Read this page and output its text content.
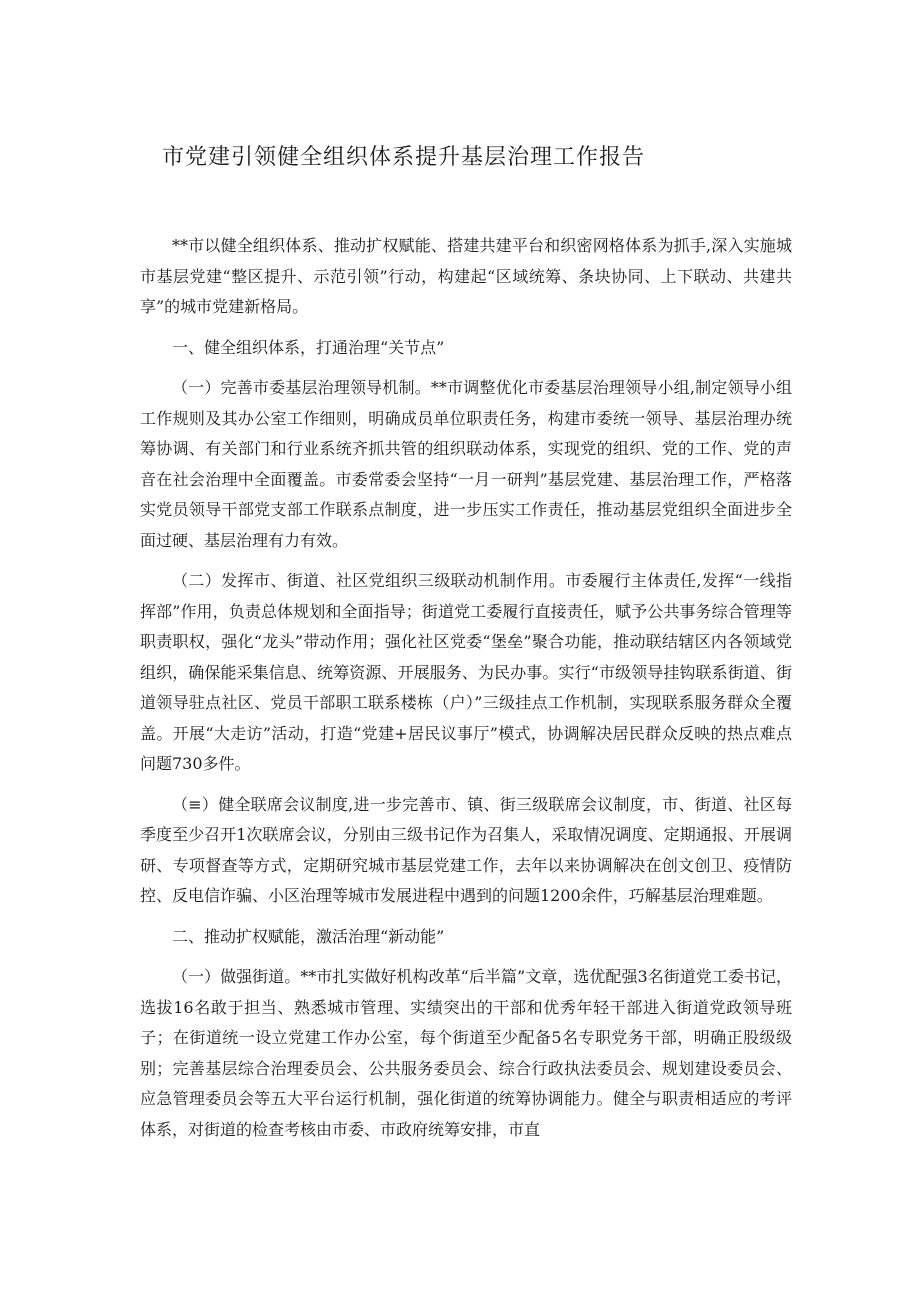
市党建引领健全组织体系提升基层治理工作报告

**市以健全组织体系、推动扩权赋能、搭建共建平台和织密网格体系为抓手,深入实施城市基层党建“整区提升、示范引领”行动，构建起“区域统筹、条块协同、上下联动、共建共享”的城市党建新格局。

一、健全组织体系，打通治理“关节点”

（一）完善市委基层治理领导机制。**市调整优化市委基层治理领导小组,制定领导小组工作规则及其办公室工作细则，明确成员单位职责任务，构建市委统一领导、基层治理办统筹协调、有关部门和行业系统齐抓共管的组织联动体系，实现党的组织、党的工作、党的声音在社会治理中全面覆盖。市委常委会坚持“一月一研判”基层党建、基层治理工作，严格落实党员领导干部党支部工作联系点制度，进一步压实工作责任，推动基层党组织全面进步全面过硬、基层治理有力有效。

（二）发挥市、街道、社区党组织三级联动机制作用。市委履行主体责任,发挥“一线指挥部”作用，负责总体规划和全面指导；街道党工委履行直接责任，赋予公共事务综合管理等职责职权，强化“龙头”带动作用；强化社区党委“堡垒”聚合功能，推动联结辖区内各领域党组织，确保能采集信息、统筹资源、开展服务、为民办事。实行“市级领导挂钩联系街道、街道领导驻点社区、党员干部职工联系楼栋（户）”三级挂点工作机制，实现联系服务群众全覆盖。开展“大走访”活动，打造“党建+居民议事厅”模式，协调解决居民群众反映的热点难点问题730多件。

（≡）健全联席会议制度,进一步完善市、镇、街三级联席会议制度，市、街道、社区每季度至少召开1次联席会议，分别由三级书记作为召集人，采取情况调度、定期通报、开展调研、专项督查等方式，定期研究城市基层党建工作，去年以来协调解决在创文创卫、疫情防控、反电信诈骗、小区治理等城市发展进程中遇到的问题1200余件，巧解基层治理难题。

二、推动扩权赋能，激活治理“新动能”

（一）做强街道。**市扎实做好机构改革“后半篇”文章，选优配强3名街道党工委书记，选拔16名敢于担当、熟悉城市管理、实绩突出的干部和优秀年轻干部进入街道党政领导班子；在街道统一设立党建工作办公室，每个街道至少配备5名专职党务干部，明确正股级级别；完善基层综合治理委员会、公共服务委员会、综合行政执法委员会、规划建设委员会、应急管理委员会等五大平台运行机制，强化街道的统筹协调能力。健全与职责相适应的考评体系，对街道的检查考核由市委、市政府统筹安排，市直
